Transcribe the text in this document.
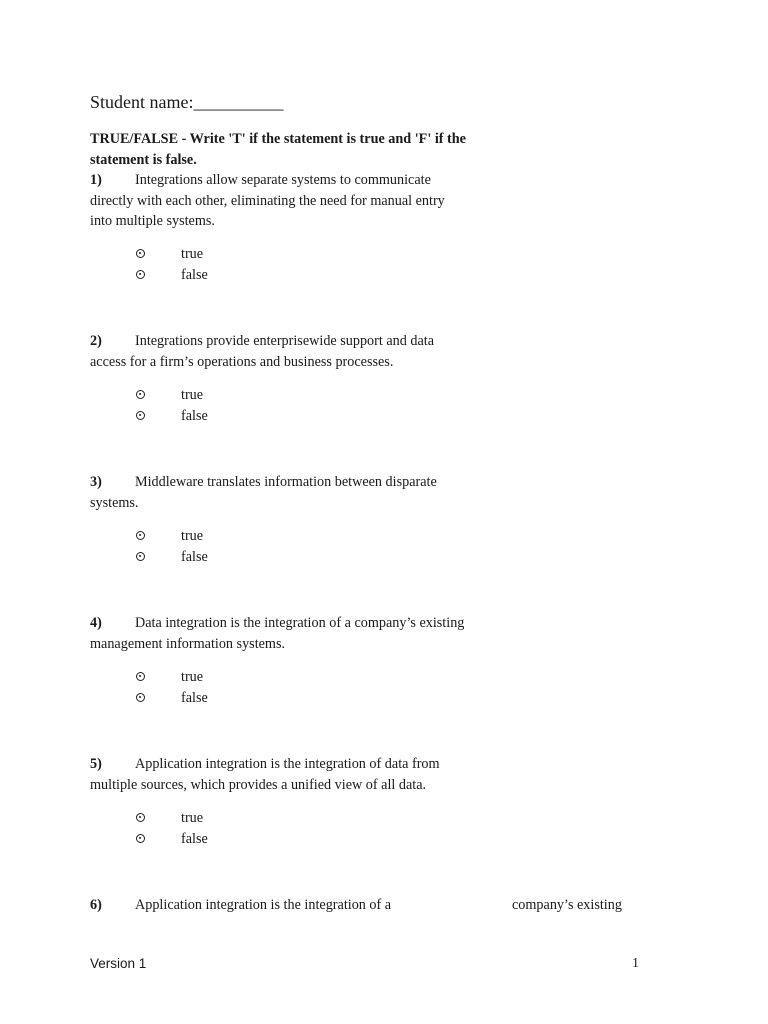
Student name:__________
TRUE/FALSE - Write 'T' if the statement is true and 'F' if the statement is false.
1) Integrations allow separate systems to communicate directly with each other, eliminating the need for manual entry into multiple systems.
true
false
2) Integrations provide enterprisewide support and data access for a firm’s operations and business processes.
true
false
3) Middleware translates information between disparate systems.
true
false
4) Data integration is the integration of a company’s existing management information systems.
true
false
5) Application integration is the integration of data from multiple sources, which provides a unified view of all data.
true
false
6) Application integration is the integration of a	company’s existing
Version 1	1
